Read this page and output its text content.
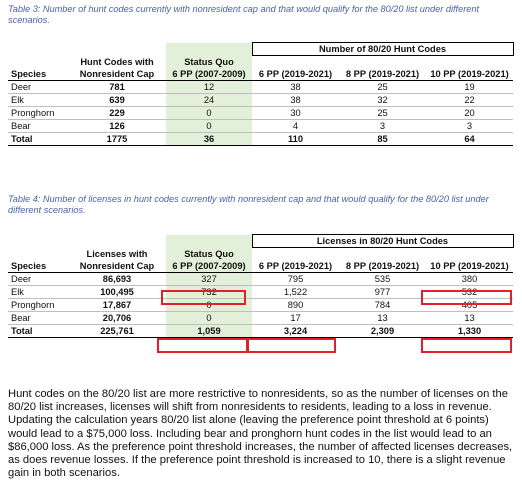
Table 3: Number of hunt codes currently with nonresident cap and that would qualify for the 80/20 list under different scenarios.
			Number of 80/20 Hunt Codes		
	Hunt Codes with	Status Quo			
Species	Nonresident Cap	6 PP (2007-2009)	6 PP (2019-2021)	8 PP (2019-2021)	10 PP (2019-2021)
Deer	781	12	38	25	19
Elk	639	24	38	32	22
Pronghorn	229	0	30	25	20
Bear	126	0	4	3	3
Total	1775	36	110	85	64
Table 4: Number of licenses in hunt codes currently with nonresident cap and that would qualify for the 80/20 list under different scenarios.
			Licenses in 80/20 Hunt Codes		
	Licenses with	Status Quo			
Species	Nonresident Cap	6 PP (2007-2009)	6 PP (2019-2021)	8 PP (2019-2021)	10 PP (2019-2021)
Deer	86,693	327	795	535	380
Elk	100,495	732	1,522	977	532
Pronghorn	17,867	0	890	784	405
Bear	20,706	0	17	13	13
Total	225,761	1,059	3,224	2,309	1,330
Hunt codes on the 80/20 list are more restrictive to nonresidents, so as the number of licenses on the 80/20 list increases, licenses will shift from nonresidents to residents, leading to a loss in revenue. Updating the calculation years 80/20 list alone (leaving the preference point threshold at 6 points) would lead to a $75,000 loss. Including bear and pronghorn hunt codes in the list would lead to an $86,000 loss. As the preference point threshold increases, the number of affected licenses decreases, as does revenue losses. If the preference point threshold is increased to 10, there is a slight revenue gain in both scenarios.
